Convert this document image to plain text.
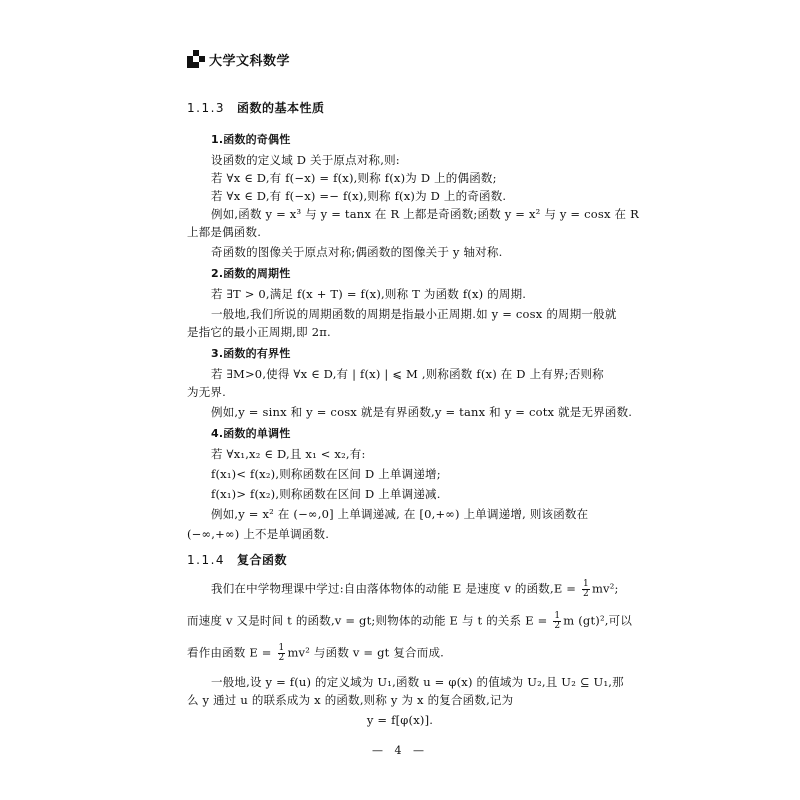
大学文科数学
1.1.3 函数的基本性质
1.函数的奇偶性
设函数的定义域 D 关于原点对称,则:
若 ∀x ∈ D,有 f(−x) = f(x),则称 f(x)为 D 上的偶函数;
若 ∀x ∈ D,有 f(−x) =− f(x),则称 f(x)为 D 上的奇函数.
例如,函数 y = x³ 与 y = tanx 在 R 上都是奇函数;函数 y = x² 与 y = cosx 在 R
上都是偶函数.
奇函数的图像关于原点对称;偶函数的图像关于 y 轴对称.
2.函数的周期性
若 ∃T > 0,满足 f(x + T) = f(x),则称 T 为函数 f(x) 的周期.
一般地,我们所说的周期函数的周期是指最小正周期.如 y = cosx 的周期一般就
是指它的最小正周期,即 2π.
3.函数的有界性
若 ∃M>0,使得 ∀x ∈ D,有 | f(x) | ⩽ M ,则称函数 f(x) 在 D 上有界;否则称
为无界.
例如,y = sinx 和 y = cosx 就是有界函数,y = tanx 和 y = cotx 就是无界函数.
4.函数的单调性
若 ∀x₁,x₂ ∈ D,且 x₁ < x₂,有:
f(x₁)< f(x₂),则称函数在区间 D 上单调递增;
f(x₁)> f(x₂),则称函数在区间 D 上单调递减.
例如,y = x² 在 (−∞,0] 上单调递减, 在 [0,+∞) 上单调递增, 则该函数在
(−∞,+∞) 上不是单调函数.
1.1.4 复合函数
我们在中学物理课中学过:自由落体物体的动能 E 是速度 v 的函数$,E = \frac{1}{2} mv^2$;
而速度 v 又是时间 t 的函数,v = gt;则物体的动能 E 与 t 的关系 $E = \frac{1}{2}$ m (gt)²,可以
看作由函数 $E = \frac{1}{2} mv^2$ 与函数 v = gt 复合而成.
一般地,设 y = f(u) 的定义域为 U₁,函数 u = φ(x) 的值域为 U₂,且 U₂ ⊆ U₁,那
么 y 通过 u 的联系成为 x 的函数,则称 y 为 x 的复合函数,记为
y = f[φ(x)].
— 4 —
